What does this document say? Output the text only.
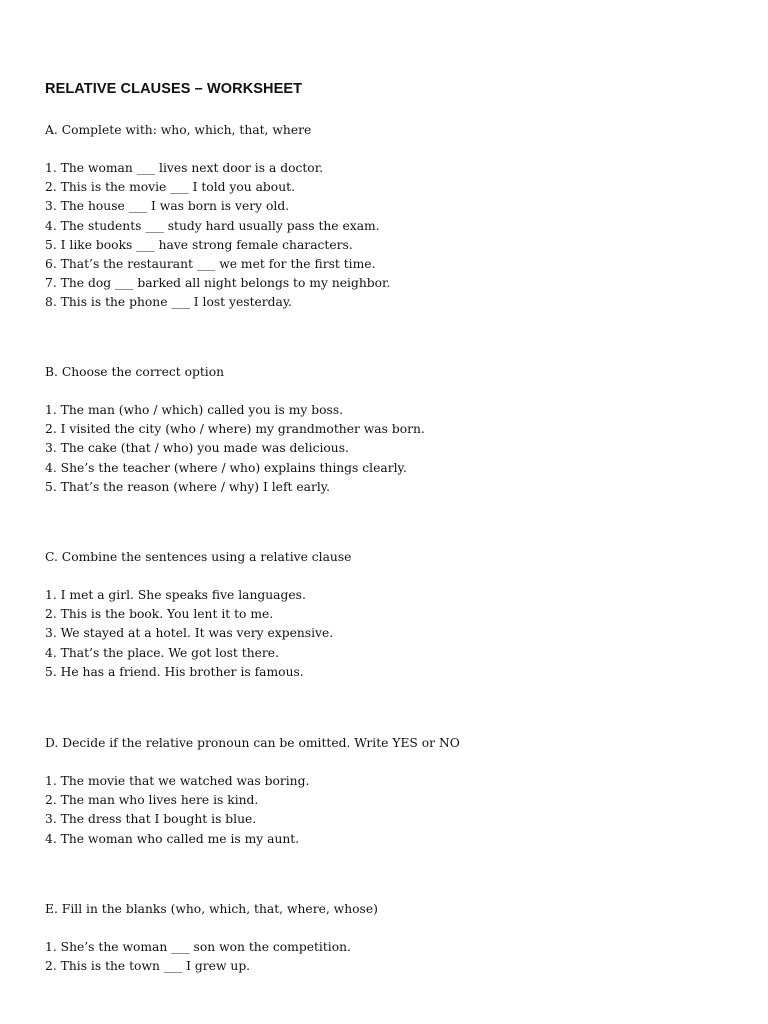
RELATIVE CLAUSES – WORKSHEET

A. Complete with: who, which, that, where

1. The woman ___ lives next door is a doctor.
2. This is the movie ___ I told you about.
3. The house ___ I was born is very old.
4. The students ___ study hard usually pass the exam.
5. I like books ___ have strong female characters.
6. That’s the restaurant ___ we met for the first time.
7. The dog ___ barked all night belongs to my neighbor.
8. This is the phone ___ I lost yesterday.

B. Choose the correct option

1. The man (who / which) called you is my boss.
2. I visited the city (who / where) my grandmother was born.
3. The cake (that / who) you made was delicious.
4. She’s the teacher (where / who) explains things clearly.
5. That’s the reason (where / why) I left early.

C. Combine the sentences using a relative clause

1. I met a girl. She speaks five languages.
2. This is the book. You lent it to me.
3. We stayed at a hotel. It was very expensive.
4. That’s the place. We got lost there.
5. He has a friend. His brother is famous.

D. Decide if the relative pronoun can be omitted. Write YES or NO

1. The movie that we watched was boring.
2. The man who lives here is kind.
3. The dress that I bought is blue.
4. The woman who called me is my aunt.

E. Fill in the blanks (who, which, that, where, whose)

1. She’s the woman ___ son won the competition.
2. This is the town ___ I grew up.
